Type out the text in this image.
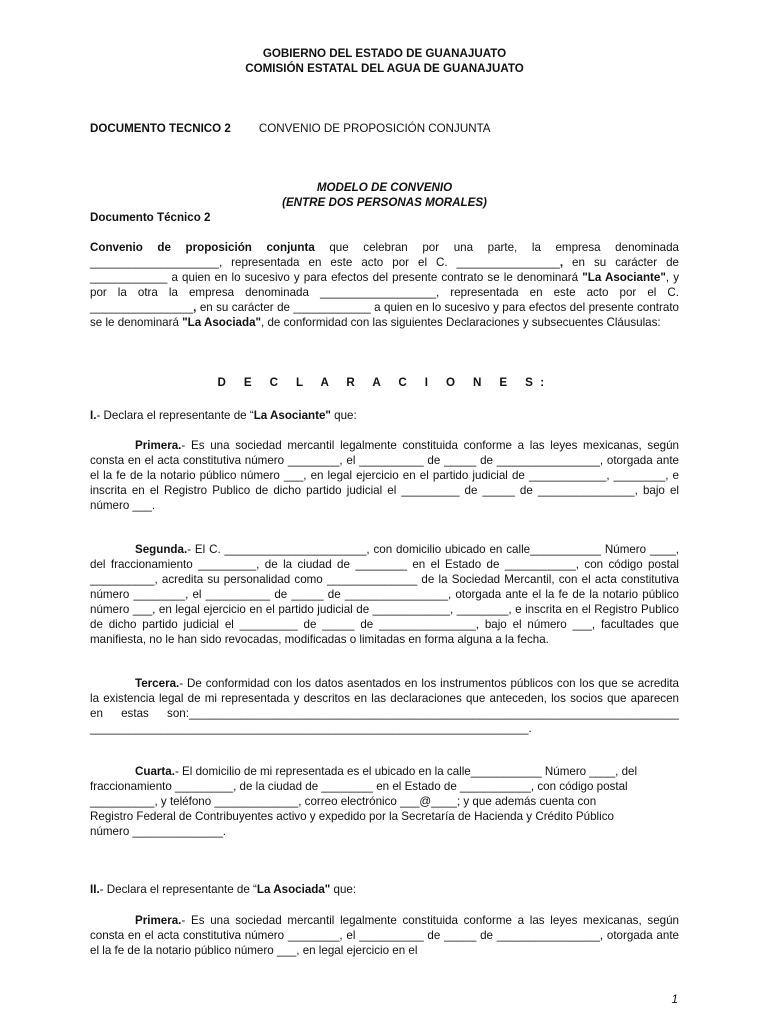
GOBIERNO DEL ESTADO DE GUANAJUATO
COMISIÓN ESTATAL DEL AGUA DE GUANAJUATO
DOCUMENTO TECNICO 2 CONVENIO DE PROPOSICIÓN CONJUNTA
MODELO DE CONVENIO
(ENTRE DOS PERSONAS MORALES)
Documento Técnico 2
Convenio de proposición conjunta que celebran por una parte, la empresa denominada ____________________, representada en este acto por el C. ________________, en su carácter de ____________ a quien en lo sucesivo y para efectos del presente contrato se le denominará "La Asociante", y por la otra la empresa denominada __________________, representada en este acto por el C. ________________, en su carácter de ____________ a quien en lo sucesivo y para efectos del presente contrato se le denominará "La Asociada", de conformidad con las siguientes Declaraciones y subsecuentes Cláusulas:
D E C L A R A C I O N E S:
I.- Declara el representante de “La Asociante" que:
Primera.- Es una sociedad mercantil legalmente constituida conforme a las leyes mexicanas, según consta en el acta constitutiva número ________, el __________ de _____ de ________________, otorgada ante el la fe de la notario público número ___, en legal ejercicio en el partido judicial de ____________, ________, e inscrita en el Registro Publico de dicho partido judicial el _________ de _____ de _______________, bajo el número ___.
Segunda.- El C. ______________________, con domicilio ubicado en calle___________ Número ____, del fraccionamiento _________, de la ciudad de ________ en el Estado de ___________, con código postal __________, acredita su personalidad como ______________ de la Sociedad Mercantil, con el acta constitutiva número ________, el __________ de _____ de ________________, otorgada ante el la fe de la notario público número ___, en legal ejercicio en el partido judicial de ____________, ________, e inscrita en el Registro Publico de dicho partido judicial el _________ de _____ de _______________, bajo el número ___, facultades que manifiesta, no le han sido revocadas, modificadas o limitadas en forma alguna a la fecha.
Tercera.- De conformidad con los datos asentados en los instrumentos públicos con los que se acredita la existencia legal de mi representada y descritos en las declaraciones que anteceden, los socios que aparecen en estas son:____________________________________________________________________________ ____________________________________________________________________.
Cuarta.- El domicilio de mi representada es el ubicado en la calle___________ Número ____, del
fraccionamiento _________, de la ciudad de ________ en el Estado de ___________, con código postal
__________, y teléfono _____________, correo electrónico ___@____; y que además cuenta con
Registro Federal de Contribuyentes activo y expedido por la Secretaría de Hacienda y Crédito Público
número ______________.
II.- Declara el representante de “La Asociada" que:
Primera.- Es una sociedad mercantil legalmente constituida conforme a las leyes mexicanas, según consta en el acta constitutiva número ________, el __________ de _____ de ________________, otorgada ante el la fe de la notario público número ___, en legal ejercicio en el
1
